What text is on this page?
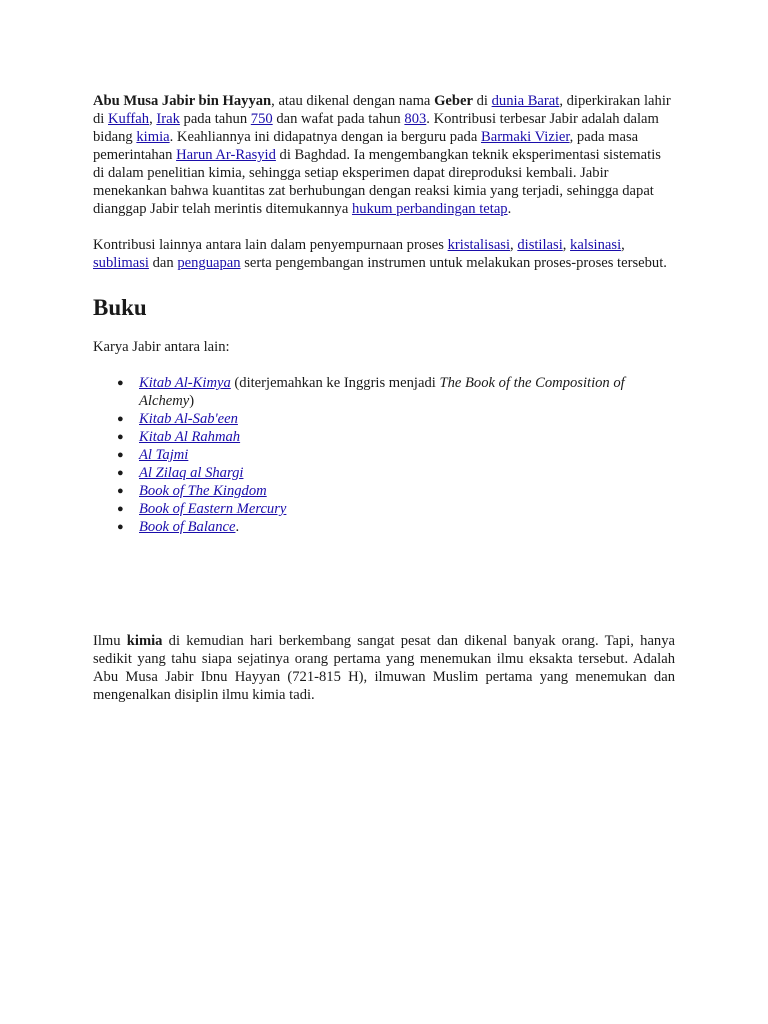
Abu Musa Jabir bin Hayyan, atau dikenal dengan nama Geber di dunia Barat, diperkirakan lahir di Kuffah, Irak pada tahun 750 dan wafat pada tahun 803. Kontribusi terbesar Jabir adalah dalam bidang kimia. Keahliannya ini didapatnya dengan ia berguru pada Barmaki Vizier, pada masa pemerintahan Harun Ar-Rasyid di Baghdad. Ia mengembangkan teknik eksperimentasi sistematis di dalam penelitian kimia, sehingga setiap eksperimen dapat direproduksi kembali. Jabir menekankan bahwa kuantitas zat berhubungan dengan reaksi kimia yang terjadi, sehingga dapat dianggap Jabir telah merintis ditemukannya hukum perbandingan tetap.

Kontribusi lainnya antara lain dalam penyempurnaan proses kristalisasi, distilasi, kalsinasi, sublimasi dan penguapan serta pengembangan instrumen untuk melakukan proses-proses tersebut.

Buku

Karya Jabir antara lain:

● Kitab Al-Kimya (diterjemahkan ke Inggris menjadi The Book of the Composition of Alchemy)
● Kitab Al-Sab'een
● Kitab Al Rahmah
● Al Tajmi
● Al Zilaq al Shargi
● Book of The Kingdom
● Book of Eastern Mercury
● Book of Balance.

Ilmu kimia di kemudian hari berkembang sangat pesat dan dikenal banyak orang. Tapi, hanya sedikit yang tahu siapa sejatinya orang pertama yang menemukan ilmu eksakta tersebut. Adalah Abu Musa Jabir Ibnu Hayyan (721-815 H), ilmuwan Muslim pertama yang menemukan dan mengenalkan disiplin ilmu kimia tadi.
